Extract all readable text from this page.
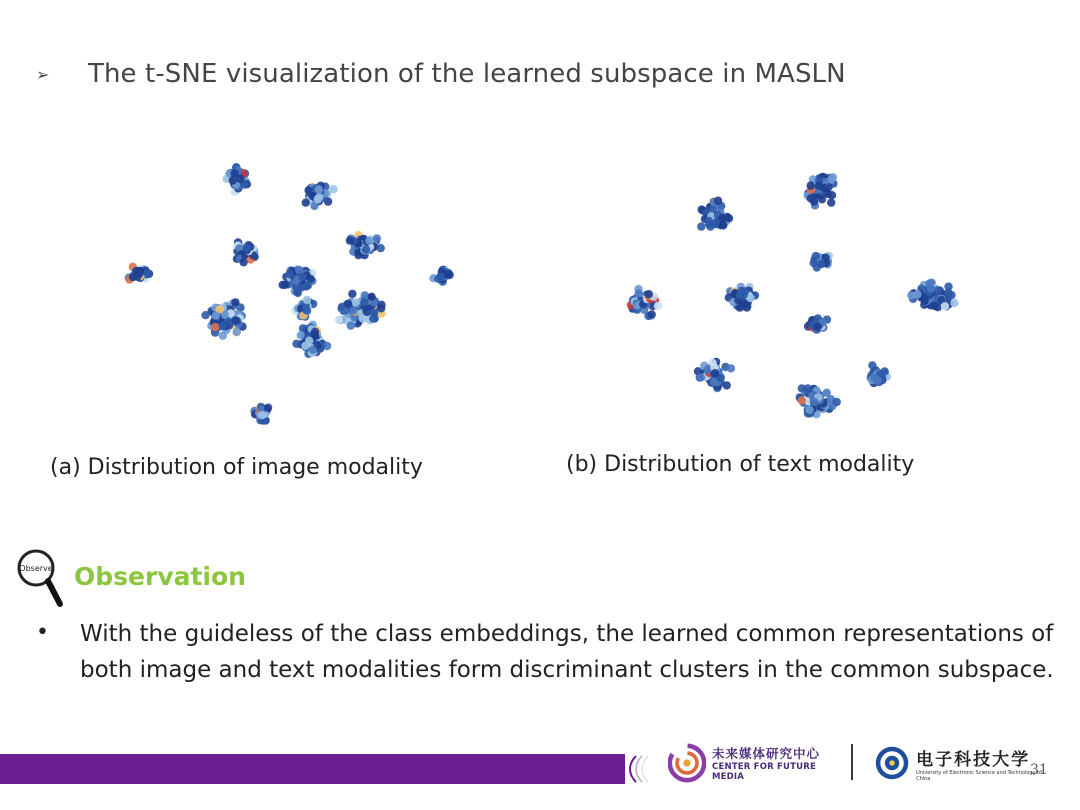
➢	The t-SNE visualization of the learned subspace in MASLN
(a) Distribution of image modality	(b) Distribution of text modality
Observe Observation
• With the guideless of the class embeddings, the learned common representations of both image and text modalities form discriminant clusters in the common subspace.
未来媒体研究中心
CENTER FOR FUTURE MEDIA
电子科技大学
University of Electronic Science and Technology of China
31
